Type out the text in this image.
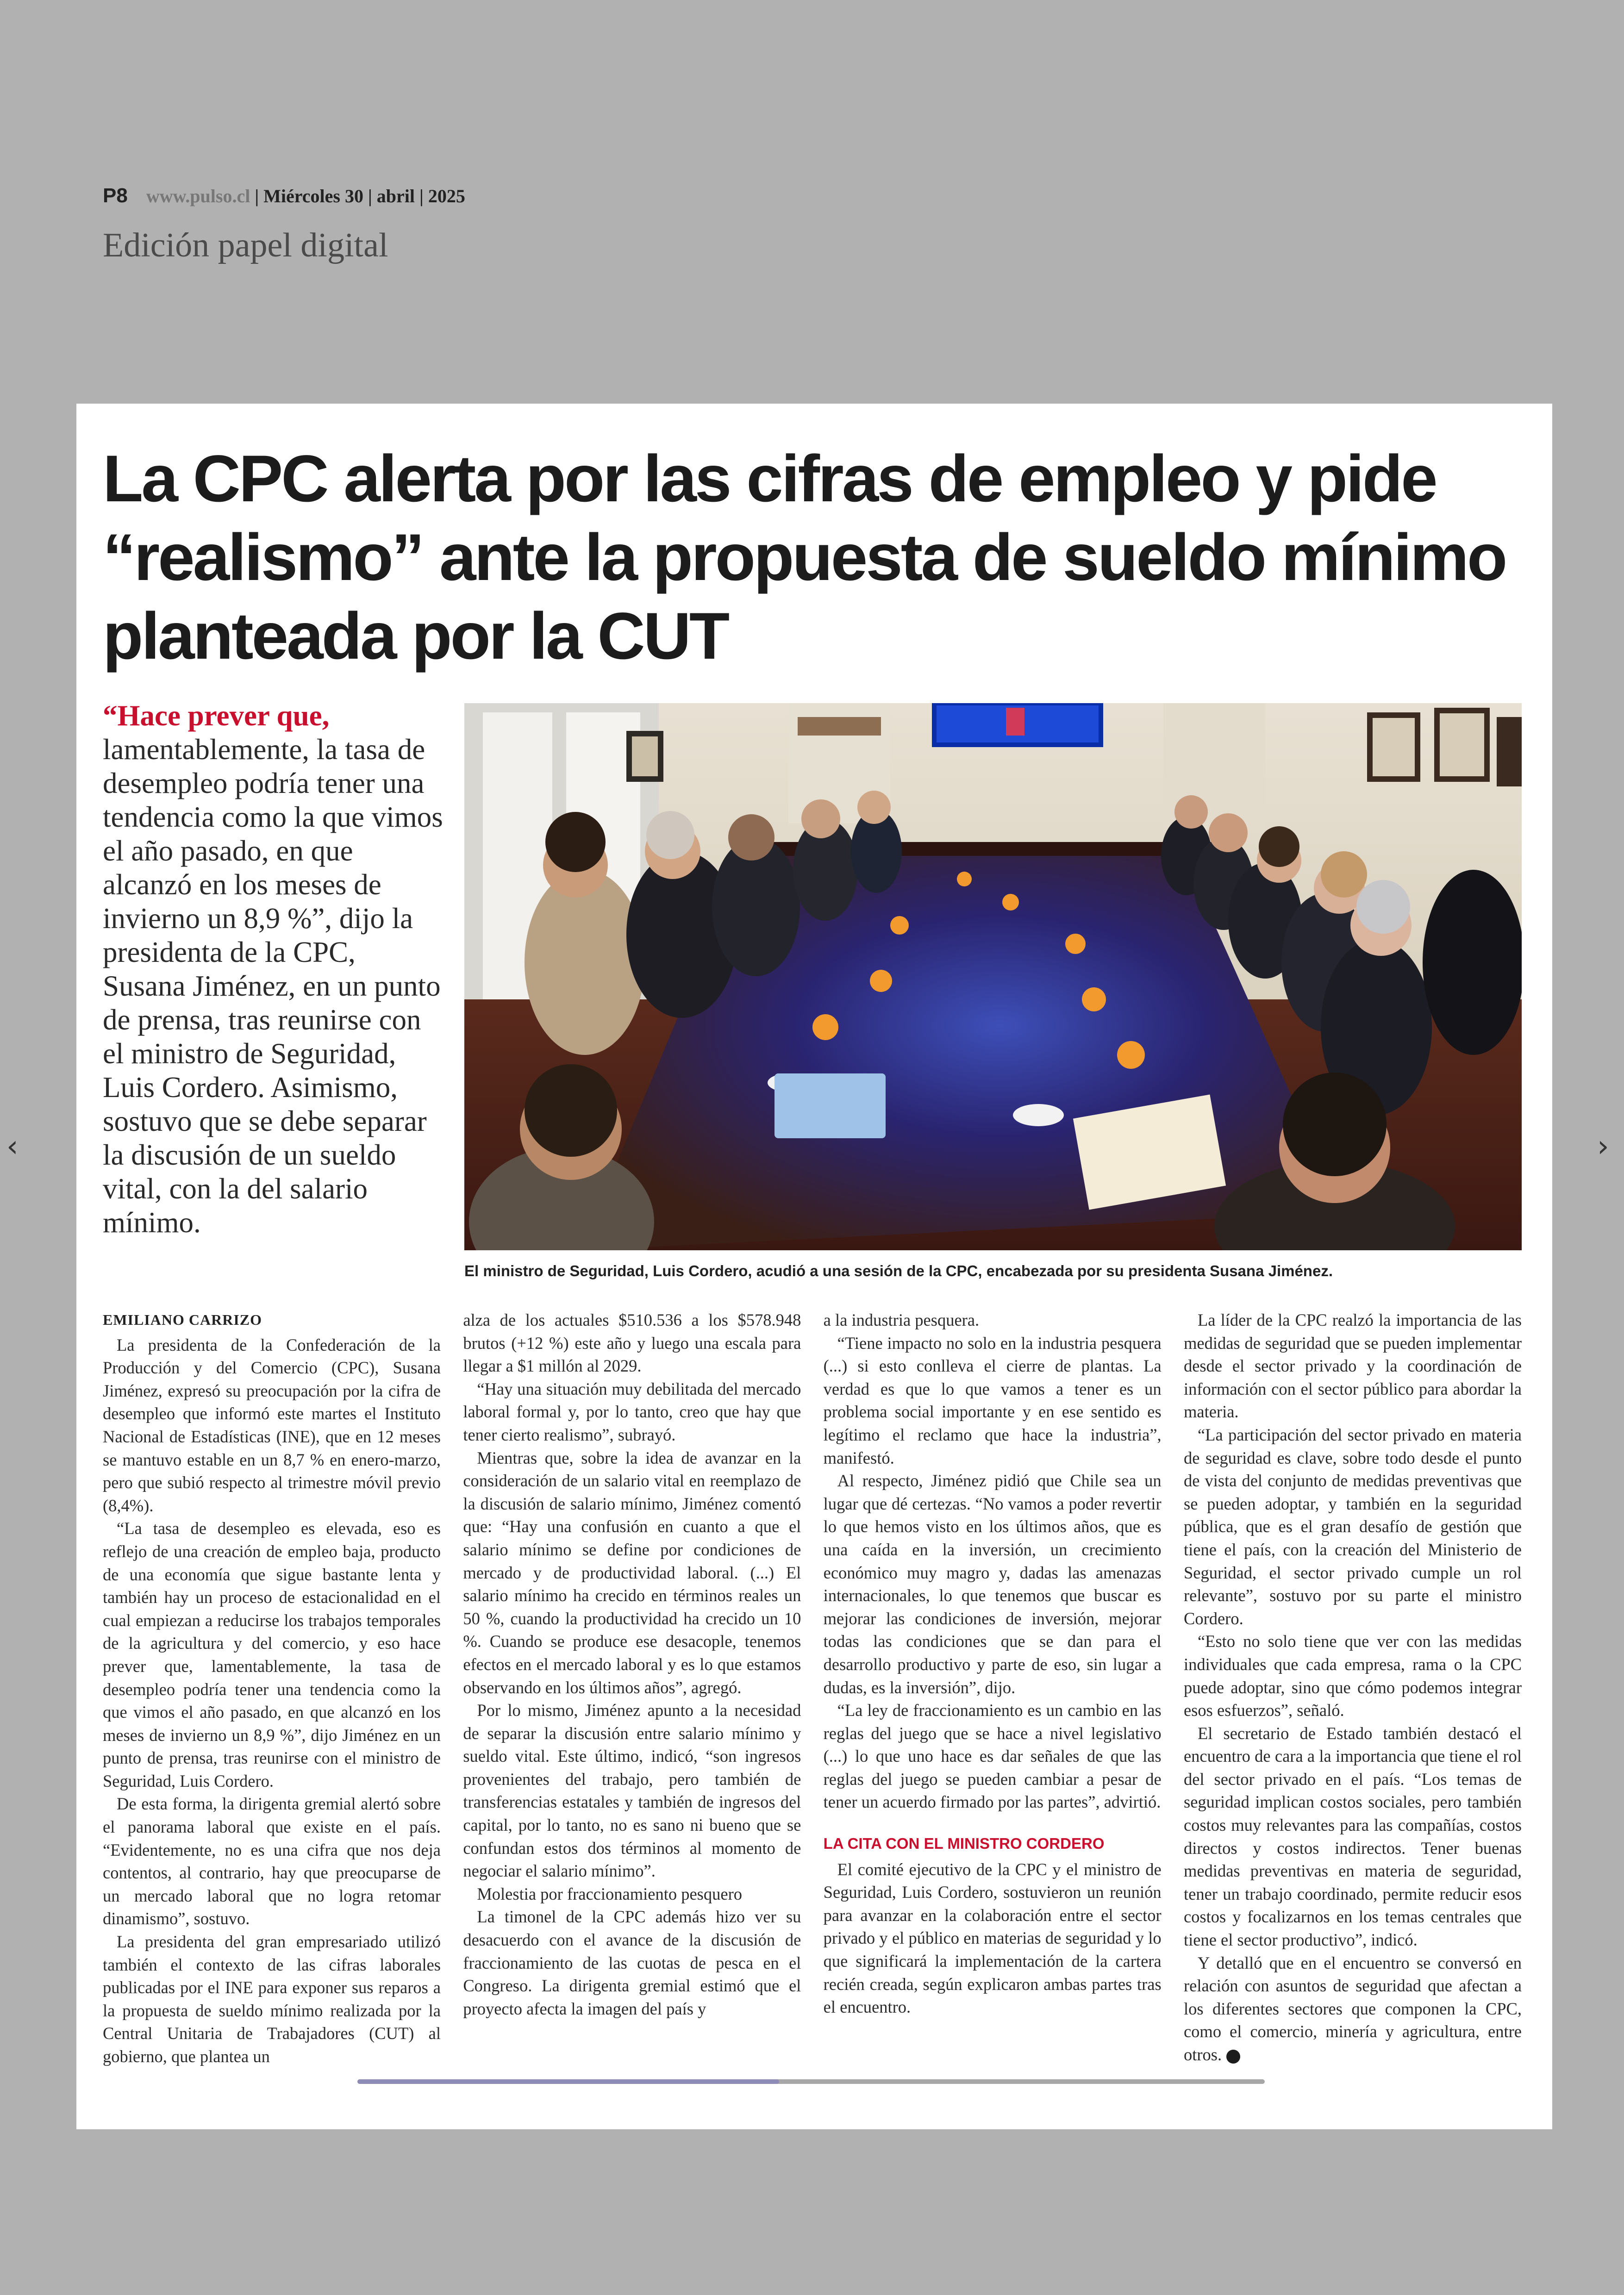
P8 www.pulso.cl | Miércoles 30 | abril | 2025
Edición papel digital
‹	›
La CPC alerta por las cifras de empleo y pide “realismo” ante la propuesta de sueldo mínimo planteada por la CUT
“Hace prever que,
lamentablemente, la tasa de desempleo podría tener una tendencia como la que vimos el año pasado, en que alcanzó en los meses de invierno un 8,9 %”, dijo la presidenta de la CPC, Susana Jiménez, en un punto de prensa, tras reunirse con el ministro de Seguridad, Luis Cordero. Asimismo, sostuvo que se debe separar la discusión de un sueldo vital, con la del salario mínimo.
El ministro de Seguridad, Luis Cordero, acudió a una sesión de la CPC, encabezada por su presidenta Susana Jiménez.
EMILIANO CARRIZO

La presidenta de la Confederación de la Producción y del Comercio (CPC), Susana Jiménez, expresó su preocupación por la cifra de desempleo que informó este martes el Instituto Nacional de Estadísticas (INE), que en 12 meses se mantuvo estable en un 8,7 % en enero-marzo, pero que subió respecto al trimestre móvil previo (8,4%).

“La tasa de desempleo es elevada, eso es reflejo de una creación de empleo baja, producto de una economía que sigue bastante lenta y también hay un proceso de estacionalidad en el cual empiezan a reducirse los trabajos temporales de la agricultura y del comercio, y eso hace prever que, lamentablemente, la tasa de desempleo podría tener una tendencia como la que vimos el año pasado, en que alcanzó en los meses de invierno un 8,9 %”, dijo Jiménez en un punto de prensa, tras reunirse con el ministro de Seguridad, Luis Cordero.

De esta forma, la dirigenta gremial alertó sobre el panorama laboral que existe en el país. “Evidentemente, no es una cifra que nos deja contentos, al contrario, hay que preocuparse de un mercado laboral que no logra retomar dinamismo”, sostuvo.

La presidenta del gran empresariado utilizó también el contexto de las cifras laborales publicadas por el INE para exponer sus reparos a la propuesta de sueldo mínimo realizada por la Central Unitaria de Trabajadores (CUT) al gobierno, que plantea un

alza de los actuales $510.536 a los $578.948 brutos (+12 %) este año y luego una escala para llegar a $1 millón al 2029.

“Hay una situación muy debilitada del mercado laboral formal y, por lo tanto, creo que hay que tener cierto realismo”, subrayó.

Mientras que, sobre la idea de avanzar en la consideración de un salario vital en reemplazo de la discusión de salario mínimo, Jiménez comentó que: “Hay una confusión en cuanto a que el salario mínimo se define por condiciones de mercado y de productividad laboral. (...) El salario mínimo ha crecido en términos reales un 50 %, cuando la productividad ha crecido un 10 %. Cuando se produce ese desacople, tenemos efectos en el mercado laboral y es lo que estamos observando en los últimos años”, agregó.

Por lo mismo, Jiménez apunto a la necesidad de separar la discusión entre salario mínimo y sueldo vital. Este último, indicó, “son ingresos provenientes del trabajo, pero también de transferencias estatales y también de ingresos del capital, por lo tanto, no es sano ni bueno que se confundan estos dos términos al momento de negociar el salario mínimo”.

Molestia por fraccionamiento pesquero

La timonel de la CPC además hizo ver su desacuerdo con el avance de la discusión de fraccionamiento de las cuotas de pesca en el Congreso. La dirigenta gremial estimó que el proyecto afecta la imagen del país y

a la industria pesquera.

“Tiene impacto no solo en la industria pesquera (...) si esto conlleva el cierre de plantas. La verdad es que lo que vamos a tener es un problema social importante y en ese sentido es legítimo el reclamo que hace la industria”, manifestó.

Al respecto, Jiménez pidió que Chile sea un lugar que dé certezas. “No vamos a poder revertir lo que hemos visto en los últimos años, que es una caída en la inversión, un crecimiento económico muy magro y, dadas las amenazas internacionales, lo que tenemos que buscar es mejorar las condiciones de inversión, mejorar todas las condiciones que se dan para el desarrollo productivo y parte de eso, sin lugar a dudas, es la inversión”, dijo.

“La ley de fraccionamiento es un cambio en las reglas del juego que se hace a nivel legislativo (...) lo que uno hace es dar señales de que las reglas del juego se pueden cambiar a pesar de tener un acuerdo firmado por las partes”, advirtió.

LA CITA CON EL MINISTRO CORDERO

El comité ejecutivo de la CPC y el ministro de Seguridad, Luis Cordero, sostuvieron un reunión para avanzar en la colaboración entre el sector privado y el público en materias de seguridad y lo que significará la implementación de la cartera recién creada, según explicaron ambas partes tras el encuentro.

La líder de la CPC realzó la importancia de las medidas de seguridad que se pueden implementar desde el sector privado y la coordinación de información con el sector público para abordar la materia.

“La participación del sector privado en materia de seguridad es clave, sobre todo desde el punto de vista del conjunto de medidas preventivas que se pueden adoptar, y también en la seguridad pública, que es el gran desafío de gestión que tiene el país, con la creación del Ministerio de Seguridad, el sector privado cumple un rol relevante”, sostuvo por su parte el ministro Cordero.

“Esto no solo tiene que ver con las medidas individuales que cada empresa, rama o la CPC puede adoptar, sino que cómo podemos integrar esos esfuerzos”, señaló.

El secretario de Estado también destacó el encuentro de cara a la importancia que tiene el rol del sector privado en el país. “Los temas de seguridad implican costos sociales, pero también costos muy relevantes para las compañías, costos directos y costos indirectos. Tener buenas medidas preventivas en materia de seguridad, tener un trabajo coordinado, permite reducir esos costos y focalizarnos en los temas centrales que tiene el sector productivo”, indicó.

Y detalló que en el encuentro se conversó en relación con asuntos de seguridad que afectan a los diferentes sectores que componen la CPC, como el comercio, minería y agricultura, entre otros.
